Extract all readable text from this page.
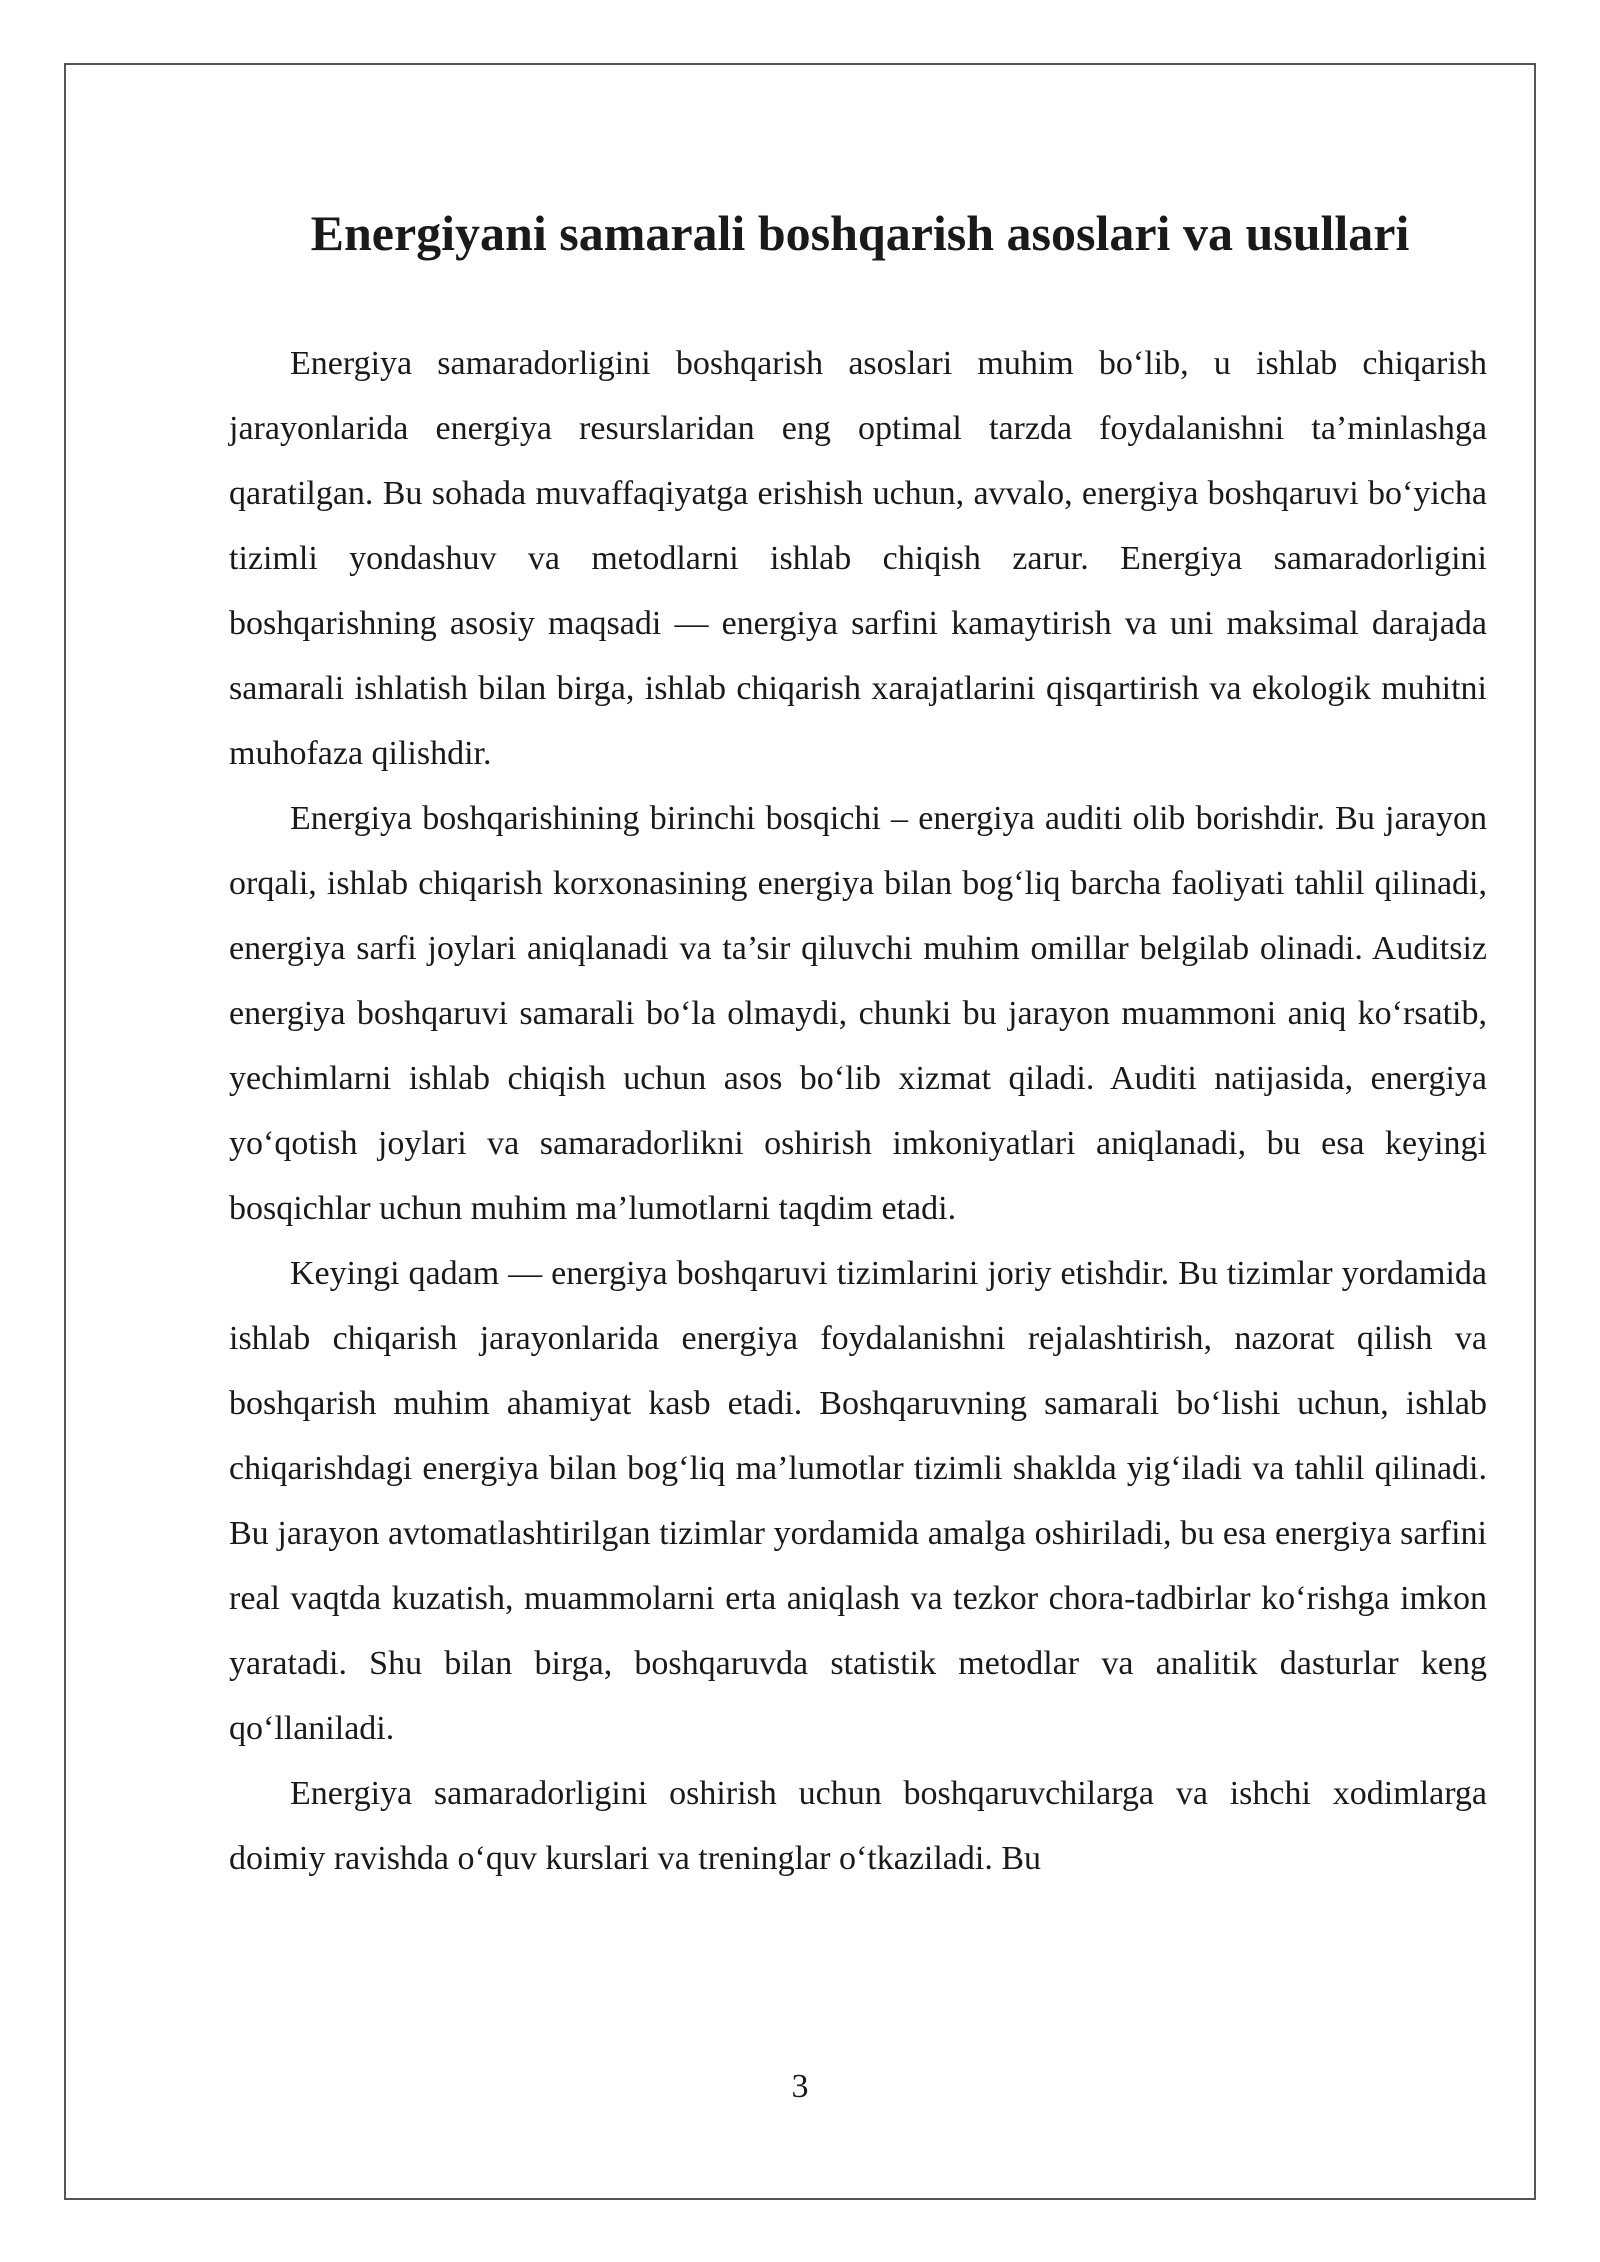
Energiyani samarali boshqarish asoslari va usullari

Energiya samaradorligini boshqarish asoslari muhim bo‘lib, u ishlab chiqarish jarayonlarida energiya resurslaridan eng optimal tarzda foydalanishni ta’minlashga qaratilgan. Bu sohada muvaffaqiyatga erishish uchun, avvalo, energiya boshqaruvi bo‘yicha tizimli yondashuv va metodlarni ishlab chiqish zarur. Energiya samaradorligini boshqarishning asosiy maqsadi — energiya sarfini kamaytirish va uni maksimal darajada samarali ishlatish bilan birga, ishlab chiqarish xarajatlarini qisqartirish va ekologik muhitni muhofaza qilishdir.

Energiya boshqarishining birinchi bosqichi – energiya auditi olib borishdir. Bu jarayon orqali, ishlab chiqarish korxonasining energiya bilan bog‘liq barcha faoliyati tahlil qilinadi, energiya sarfi joylari aniqlanadi va ta’sir qiluvchi muhim omillar belgilab olinadi. Auditsiz energiya boshqaruvi samarali bo‘la olmaydi, chunki bu jarayon muammoni aniq ko‘rsatib, yechimlarni ishlab chiqish uchun asos bo‘lib xizmat qiladi. Auditi natijasida, energiya yo‘qotish joylari va samaradorlikni oshirish imkoniyatlari aniqlanadi, bu esa keyingi bosqichlar uchun muhim ma’lumotlarni taqdim etadi.

Keyingi qadam — energiya boshqaruvi tizimlarini joriy etishdir. Bu tizimlar yordamida ishlab chiqarish jarayonlarida energiya foydalanishni rejalashtirish, nazorat qilish va boshqarish muhim ahamiyat kasb etadi. Boshqaruvning samarali bo‘lishi uchun, ishlab chiqarishdagi energiya bilan bog‘liq ma’lumotlar tizimli shaklda yig‘iladi va tahlil qilinadi. Bu jarayon avtomatlashtirilgan tizimlar yordamida amalga oshiriladi, bu esa energiya sarfini real vaqtda kuzatish, muammolarni erta aniqlash va tezkor chora-tadbirlar ko‘rishga imkon yaratadi. Shu bilan birga, boshqaruvda statistik metodlar va analitik dasturlar keng qo‘llaniladi.

Energiya samaradorligini oshirish uchun boshqaruvchilarga va ishchi xodimlarga doimiy ravishda o‘quv kurslari va treninglar o‘tkaziladi. Bu

3
